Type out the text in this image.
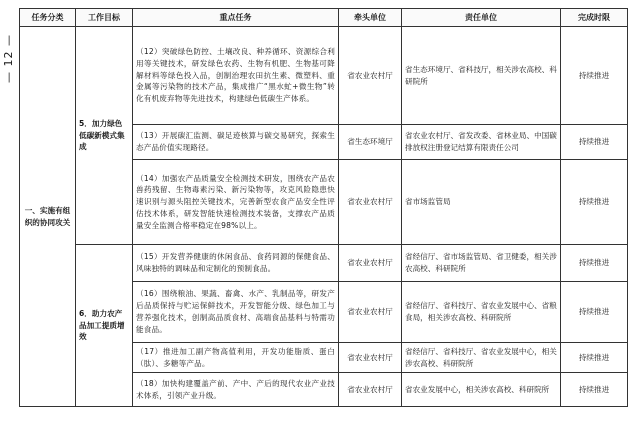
— 12 —
任务分类	工作目标	重点任务	牵头单位	责任单位	完成时限
一、实施有组织的协同攻关	5．加力绿色低碳新模式集成	（12）突破绿色防控、土壤改良、种养循环、资源综合利用等关键技术，研发绿色农药、生物有机肥、生物基可降解材料等绿色投入品，创制治理农田抗生素、微塑料、重金属等污染物的技术产品，集成推广“黑水虻+微生物”转化有机废弃物等先进技术，构建绿色低碳生产体系。	省农业农村厅	省生态环境厅、省科技厅，相关涉农高校、科研院所	持续推进
		（13）开展碳汇监测、碳足迹核算与碳交易研究，探索生态产品价值实现路径。	省生态环境厅	省农业农村厅、省发改委、省林业局、中国碳排放权注册登记结算有限责任公司	持续推进
		（14）加强农产品质量安全检测技术研发，围绕农产品农兽药残留、生物毒素污染、新污染物等，攻克风险隐患快速识别与源头阻控关键技术，完善新型农食产品安全性评估技术体系，研发智能快速检测技术装备，支撑农产品质量安全监测合格率稳定在98%以上。	省农业农村厅	省市场监管局	持续推进
	6．助力农产品加工提质增效	（15）开发营养健康的休闲食品、食药同源的保健食品、风味独特的调味品和定制化的预制食品。	省农业农村厅	省经信厅、省市场监管局、省卫健委，相关涉农高校、科研院所	持续推进
		（16）围绕粮油、果蔬、畜禽、水产、乳制品等，研发产后品质保持与贮运保鲜技术，开发智能分级、绿色加工与营养强化技术，创制高品质食材、高端食品基料与特需功能食品。	省农业农村厅	省经信厅、省科技厅、省农业发展中心、省粮食局，相关涉农高校、科研院所	持续推进
		（17）推进加工副产物高值利用，开发功能脂质、蛋白（肽）、多糖等产品。	省农业农村厅	省经信厅、省科技厅、省农业发展中心，相关涉农高校、科研院所	持续推进
		（18）加快构建覆盖产前、产中、产后的现代农业产业技术体系，引领产业升级。	省农业农村厅	省农业发展中心，相关涉农高校、科研院所	持续推进
